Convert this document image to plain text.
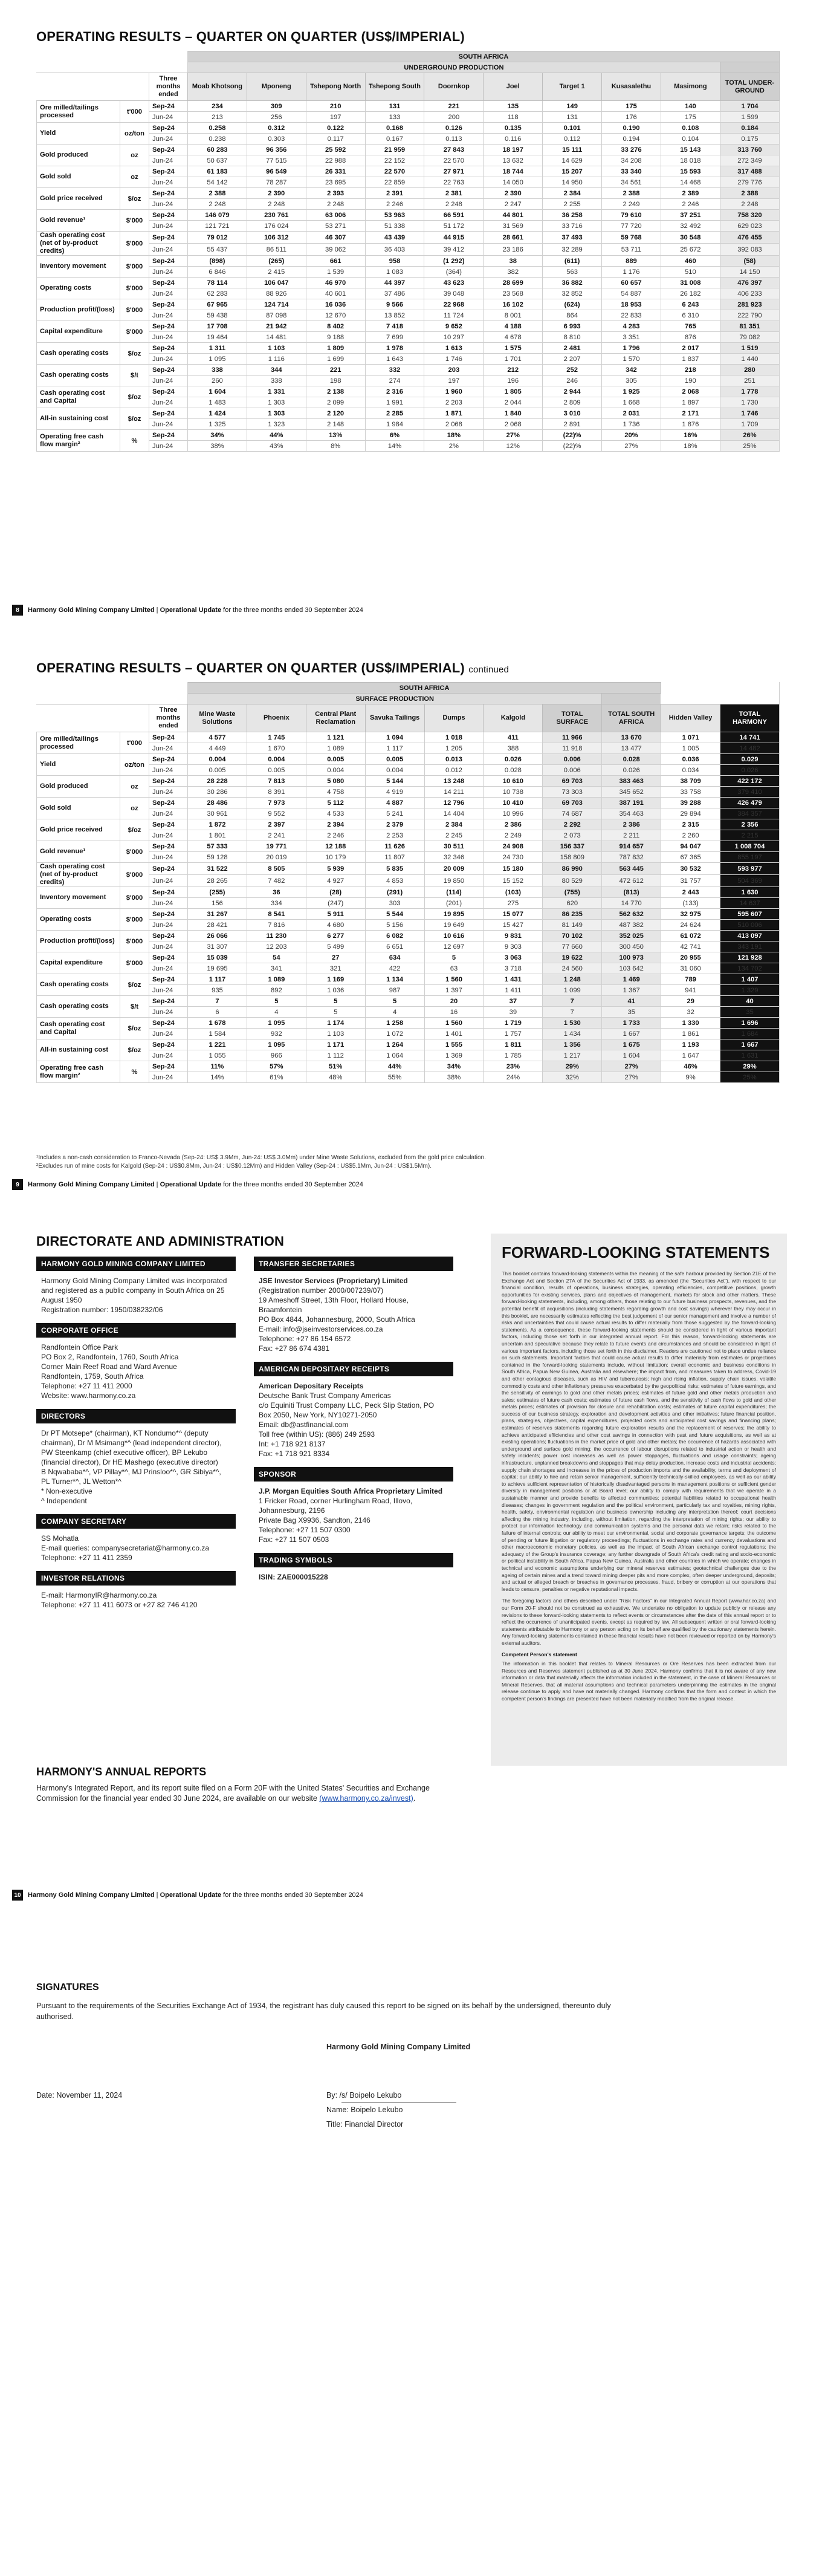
OPERATING RESULTS – QUARTER ON QUARTER (US$/IMPERIAL)
			SOUTH AFRICA									
			UNDERGROUND PRODUCTION									
		Three months ended	Moab Khotsong	Mponeng	Tshepong North	Tshepong South	Doornkop	Joel	Target 1	Kusasalethu	Masimong	TOTAL UNDER-GROUND
Ore milled/tailings processed	t'000	Sep-24	234	309	210	131	221	135	149	175	140	1 704
		Jun-24	213	256	197	133	200	118	131	176	175	1 599
Yield	oz/ton	Sep-24	0.258	0.312	0.122	0.168	0.126	0.135	0.101	0.190	0.108	0.184
		Jun-24	0.238	0.303	0.117	0.167	0.113	0.116	0.112	0.194	0.104	0.175
Gold produced	oz	Sep-24	60 283	96 356	25 592	21 959	27 843	18 197	15 111	33 276	15 143	313 760
		Jun-24	50 637	77 515	22 988	22 152	22 570	13 632	14 629	34 208	18 018	272 349
Gold sold	oz	Sep-24	61 183	96 549	26 331	22 570	27 971	18 744	15 207	33 340	15 593	317 488
		Jun-24	54 142	78 287	23 695	22 859	22 763	14 050	14 950	34 561	14 468	279 776
Gold price received	$/oz	Sep-24	2 388	2 390	2 393	2 391	2 381	2 390	2 384	2 388	2 389	2 388
		Jun-24	2 248	2 248	2 248	2 246	2 248	2 247	2 255	2 249	2 246	2 248
Gold revenue¹	$'000	Sep-24	146 079	230 761	63 006	53 963	66 591	44 801	36 258	79 610	37 251	758 320
		Jun-24	121 721	176 024	53 271	51 338	51 172	31 569	33 716	77 720	32 492	629 023
Cash operating cost (net of by-product credits)	$'000	Sep-24	79 012	106 312	46 307	43 439	44 915	28 661	37 493	59 768	30 548	476 455
		Jun-24	55 437	86 511	39 062	36 403	39 412	23 186	32 289	53 711	25 672	392 083
Inventory movement	$'000	Sep-24	(898)	(265)	661	958	(1 292)	38	(611)	889	460	(58)
		Jun-24	6 846	2 415	1 539	1 083	(364)	382	563	1 176	510	14 150
Operating costs	$'000	Sep-24	78 114	106 047	46 970	44 397	43 623	28 699	36 882	60 657	31 008	476 397
		Jun-24	62 283	88 926	40 601	37 486	39 048	23 568	32 852	54 887	26 182	406 233
Production profit/(loss)	$'000	Sep-24	67 965	124 714	16 036	9 566	22 968	16 102	(624)	18 953	6 243	281 923
		Jun-24	59 438	87 098	12 670	13 852	11 724	8 001	864	22 833	6 310	222 790
Capital expenditure	$'000	Sep-24	17 708	21 942	8 402	7 418	9 652	4 188	6 993	4 283	765	81 351
		Jun-24	19 464	14 481	9 188	7 699	10 297	4 678	8 810	3 351	876	79 082
Cash operating costs	$/oz	Sep-24	1 311	1 103	1 809	1 978	1 613	1 575	2 481	1 796	2 017	1 519
		Jun-24	1 095	1 116	1 699	1 643	1 746	1 701	2 207	1 570	1 837	1 440
Cash operating costs	$/t	Sep-24	338	344	221	332	203	212	252	342	218	280
		Jun-24	260	338	198	274	197	196	246	305	190	251
Cash operating cost and Capital	$/oz	Sep-24	1 604	1 331	2 138	2 316	1 960	1 805	2 944	1 925	2 068	1 778
		Jun-24	1 483	1 303	2 099	1 991	2 203	2 044	2 809	1 668	1 897	1 730
All-in sustaining cost	$/oz	Sep-24	1 424	1 303	2 120	2 285	1 871	1 840	3 010	2 031	2 171	1 746
		Jun-24	1 325	1 323	2 148	1 984	2 068	2 068	2 891	1 736	1 876	1 709
Operating free cash flow margin²	%	Sep-24	34%	44%	13%	6%	18%	27%	(22)%	20%	16%	26%
		Jun-24	38%	43%	8%	14%	2%	12%	(22)%	27%	18%	25%
8	Harmony Gold Mining Company Limited | Operational Update for the three months ended 30 September 2024
OPERATING RESULTS – QUARTER ON QUARTER (US$/IMPERIAL) continued
			SOUTH AFRICA									
			SURFACE PRODUCTION									
		Three months ended	Mine Waste Solutions	Phoenix	Central Plant Reclamation	Savuka Tailings	Dumps	Kalgold	TOTAL SURFACE	TOTAL SOUTH AFRICA	Hidden Valley	TOTAL HARMONY
Ore milled/tailings processed	t'000	Sep-24	4 577	1 745	1 121	1 094	1 018	411	11 966	13 670	1 071	14 741
		Jun-24	4 449	1 670	1 089	1 117	1 205	388	11 918	13 477	1 005	14 482
Yield	oz/ton	Sep-24	0.004	0.004	0.005	0.005	0.013	0.026	0.006	0.028	0.036	0.029
		Jun-24	0.005	0.005	0.004	0.004	0.012	0.028	0.006	0.026	0.034	0.026
Gold produced	oz	Sep-24	28 228	7 813	5 080	5 144	13 248	10 610	69 703	383 463	38 709	422 172
		Jun-24	30 286	8 391	4 758	4 919	14 211	10 738	73 303	345 652	33 758	379 410
Gold sold	oz	Sep-24	28 486	7 973	5 112	4 887	12 796	10 410	69 703	387 191	39 288	426 479
		Jun-24	30 961	9 552	4 533	5 241	14 404	10 996	74 687	354 463	29 894	384 357
Gold price received	$/oz	Sep-24	1 872	2 397	2 394	2 379	2 384	2 386	2 292	2 386	2 315	2 356
		Jun-24	1 801	2 241	2 246	2 253	2 245	2 249	2 073	2 211	2 260	2 215
Gold revenue¹	$'000	Sep-24	57 333	19 771	12 188	11 626	30 511	24 908	156 337	914 657	94 047	1 008 704
		Jun-24	59 128	20 019	10 179	11 807	32 346	24 730	158 809	787 832	67 365	855 197
Cash operating cost (net of by-product credits)	$'000	Sep-24	31 522	8 505	5 939	5 835	20 009	15 180	86 990	563 445	30 532	593 977
		Jun-24	28 265	7 482	4 927	4 853	19 850	15 152	80 529	472 612	31 757	504 369
Inventory movement	$'000	Sep-24	(255)	36	(28)	(291)	(114)	(103)	(755)	(813)	2 443	1 630
		Jun-24	156	334	(247)	303	(201)	275	620	14 770	(133)	14 637
Operating costs	$'000	Sep-24	31 267	8 541	5 911	5 544	19 895	15 077	86 235	562 632	32 975	595 607
		Jun-24	28 421	7 816	4 680	5 156	19 649	15 427	81 149	487 382	24 624	510 006
Production profit/(loss)	$'000	Sep-24	26 066	11 230	6 277	6 082	10 616	9 831	70 102	352 025	61 072	413 097
		Jun-24	31 307	12 203	5 499	6 651	12 697	9 303	77 660	300 450	42 741	343 191
Capital expenditure	$'000	Sep-24	15 039	54	27	634	5	3 063	19 622	100 973	20 955	121 928
		Jun-24	19 695	341	321	422	63	3 718	24 560	103 642	31 060	134 702
Cash operating costs	$/oz	Sep-24	1 117	1 089	1 169	1 134	1 560	1 431	1 248	1 469	789	1 407
		Jun-24	935	892	1 036	987	1 397	1 411	1 099	1 367	941	1 329
Cash operating costs	$/t	Sep-24	7	5	5	5	20	37	7	41	29	40
		Jun-24	6	4	5	4	16	39	7	35	32	35
Cash operating cost and Capital	$/oz	Sep-24	1 678	1 095	1 174	1 258	1 560	1 719	1 530	1 733	1 330	1 696
		Jun-24	1 584	932	1 103	1 072	1 401	1 757	1 434	1 667	1 861	1 684
All-in sustaining cost	$/oz	Sep-24	1 221	1 095	1 171	1 264	1 555	1 811	1 356	1 675	1 193	1 667
		Jun-24	1 055	966	1 112	1 064	1 369	1 785	1 217	1 604	1 647	1 631
Operating free cash flow margin²	%	Sep-24	11%	57%	51%	44%	34%	23%	29%	27%	46%	29%
		Jun-24	14%	61%	48%	55%	38%	24%	32%	27%	9%	25%
¹Includes a non-cash consideration to Franco-Nevada (Sep-24: US$ 3.9Mm, Jun-24: US$ 3.0Mm) under Mine Waste Solutions, excluded from the gold price calculation.
²Excludes run of mine costs for Kalgold (Sep-24 : US$0.8Mm, Jun-24 : US$0.12Mm) and Hidden Valley (Sep-24 : US$5.1Mm, Jun-24 : US$1.5Mm).
9	Harmony Gold Mining Company Limited | Operational Update for the three months ended 30 September 2024
DIRECTORATE AND ADMINISTRATION
HARMONY GOLD MINING COMPANY LIMITED
Harmony Gold Mining Company Limited was incorporated and registered as a public company in South Africa on 25 August 1950
Registration number: 1950/038232/06
CORPORATE OFFICE
Randfontein Office Park
PO Box 2, Randfontein, 1760, South Africa
Corner Main Reef Road and Ward Avenue
Randfontein, 1759, South Africa
Telephone: +27 11 411 2000
Website: www.harmony.co.za
DIRECTORS
Dr PT Motsepe* (chairman), KT Nondumo*^ (deputy chairman), Dr M Msimang*^ (lead independent director), PW Steenkamp (chief executive officer), BP Lekubo (financial director), Dr HE Mashego (executive director)
B Nqwababa*^, VP Pillay*^, MJ Prinsloo*^, GR Sibiya*^, PL Turner*^, JL Wetton*^
* Non-executive
^ Independent
COMPANY SECRETARY
SS Mohatla
E-mail queries: companysecretariat@harmony.co.za
Telephone: +27 11 411 2359
INVESTOR RELATIONS
E-mail: HarmonyIR@harmony.co.za
Telephone: +27 11 411 6073 or +27 82 746 4120
TRANSFER SECRETARIES
JSE Investor Services (Proprietary) Limited
(Registration number 2000/007239/07)
19 Ameshoff Street, 13th Floor, Hollard House, Braamfontein
PO Box 4844, Johannesburg, 2000, South Africa
E-mail: info@jseinvestorservices.co.za
Telephone: +27 86 154 6572
Fax: +27 86 674 4381
AMERICAN DEPOSITARY RECEIPTS
American Depositary Receipts
Deutsche Bank Trust Company Americas
c/o Equiniti Trust Company LLC, Peck Slip Station, PO Box 2050, New York, NY10271-2050
Email: db@astfinancial.com
Toll free (within US): (886) 249 2593
Int: +1 718 921 8137
Fax: +1 718 921 8334
SPONSOR
J.P. Morgan Equities South Africa Proprietary Limited
1 Fricker Road, corner Hurlingham Road, Illovo, Johannesburg, 2196
Private Bag X9936, Sandton, 2146
Telephone: +27 11 507 0300
Fax: +27 11 507 0503
TRADING SYMBOLS
ISIN: ZAE000015228
FORWARD-LOOKING STATEMENTS

This booklet contains forward-looking statements within the meaning of the safe harbour provided by Section 21E of the Exchange Act and Section 27A of the Securities Act of 1933, as amended (the "Securities Act"), with respect to our financial condition, results of operations, business strategies, operating efficiencies, competitive positions, growth opportunities for existing services, plans and objectives of management, markets for stock and other matters. These forward-looking statements, including, among others, those relating to our future business prospects, revenues, and the potential benefit of acquisitions (including statements regarding growth and cost savings) wherever they may occur in this booklet, are necessarily estimates reflecting the best judgement of our senior management and involve a number of risks and uncertainties that could cause actual results to differ materially from those suggested by the forward-looking statements. As a consequence, these forward-looking statements should be considered in light of various important factors, including those set forth in our integrated annual report. For this reason, forward-looking statements are uncertain and speculative because they relate to future events and circumstances and should be considered in light of various important factors, including those set forth in this disclaimer. Readers are cautioned not to place undue reliance on such statements. Important factors that could cause actual results to differ materially from estimates or projections contained in the forward-looking statements include, without limitation: overall economic and business conditions in South Africa, Papua New Guinea, Australia and elsewhere; the impact from, and measures taken to address, Covid-19 and other contagious diseases, such as HIV and tuberculosis; high and rising inflation, supply chain issues, volatile commodity costs and other inflationary pressures exacerbated by the geopolitical risks; estimates of future earnings, and the sensitivity of earnings to gold and other metals prices; estimates of future gold and other metals production and sales; estimates of future cash costs; estimates of future cash flows, and the sensitivity of cash flows to gold and other metals prices; estimates of provision for closure and rehabilitation costs; estimates of future capital expenditures; the success of our business strategy, exploration and development activities and other initiatives; future financial position, plans, strategies, objectives, capital expenditures, projected costs and anticipated cost savings and financing plans; estimates of reserves statements regarding future exploration results and the replacement of reserves; the ability to achieve anticipated efficiencies and other cost savings in connection with past and future acquisitions, as well as at existing operations; fluctuations in the market price of gold and other metals; the occurrence of hazards associated with underground and surface gold mining; the occurrence of labour disruptions related to industrial action or health and safety incidents; power cost increases as well as power stoppages, fluctuations and usage constraints; ageing infrastructure, unplanned breakdowns and stoppages that may delay production, increase costs and industrial accidents; supply chain shortages and increases in the prices of production imports and the availability, terms and deployment of capital; our ability to hire and retain senior management, sufficiently technically-skilled employees, as well as our ability to achieve sufficient representation of historically disadvantaged persons in management positions or sufficient gender diversity in management positions or at Board level; our ability to comply with requirements that we operate in a sustainable manner and provide benefits to affected communities; potential liabilities related to occupational health diseases; changes in government regulation and the political environment, particularly tax and royalties, mining rights, health, safety, environmental regulation and business ownership including any interpretation thereof; court decisions affecting the mining industry, including, without limitation, regarding the interpretation of mining rights; our ability to protect our information technology and communication systems and the personal data we retain; risks related to the failure of internal controls; our ability to meet our environmental, social and corporate governance targets; the outcome of pending or future litigation or regulatory proceedings; fluctuations in exchange rates and currency devaluations and other macroeconomic monetary policies, as well as the impact of South African exchange control regulations; the adequacy of the Group's insurance coverage; any further downgrade of South Africa's credit rating and socio-economic or political instability in South Africa, Papua New Guinea, Australia and other countries in which we operate; changes in technical and economic assumptions underlying our mineral reserves estimates; geotechnical challenges due to the ageing of certain mines and a trend toward mining deeper pits and more complex, often deeper underground, deposits; and actual or alleged breach or breaches in governance processes, fraud, bribery or corruption at our operations that leads to censure, penalties or negative reputational impacts.

The foregoing factors and others described under "Risk Factors" in our Integrated Annual Report (www.har.co.za) and our Form 20-F should not be construed as exhaustive. We undertake no obligation to update publicly or release any revisions to these forward-looking statements to reflect events or circumstances after the date of this annual report or to reflect the occurrence of unanticipated events, except as required by law. All subsequent written or oral forward-looking statements attributable to Harmony or any person acting on its behalf are qualified by the cautionary statements herein. Any forward-looking statements contained in these financial results have not been reviewed or reported on by Harmony's external auditors.

Competent Person's statement

The information in this booklet that relates to Mineral Resources or Ore Reserves has been extracted from our Resources and Reserves statement published as at 30 June 2024. Harmony confirms that it is not aware of any new information or data that materially affects the information included in the statement, in the case of Mineral Resources or Mineral Reserves, that all material assumptions and technical parameters underpinning the estimates in the original release continue to apply and have not materially changed. Harmony confirms that the form and context in which the competent person's findings are presented have not been materially modified from the original release.

HARMONY'S ANNUAL REPORTS

Harmony's Integrated Report, and its report suite filed on a Form 20F with the United States' Securities and Exchange Commission for the financial year ended 30 June 2024, are available on our website (www.harmony.co.za/invest).

10	Harmony Gold Mining Company Limited | Operational Update for the three months ended 30 September 2024
SIGNATURES

Pursuant to the requirements of the Securities Exchange Act of 1934, the registrant has duly caused this report to be signed on its behalf by the undersigned, thereunto duly authorised.

Harmony Gold Mining Company Limited
Date: November 11, 2024	By: /s/ Boipelo Lekubo
Name: Boipelo Lekubo
Title: Financial Director
